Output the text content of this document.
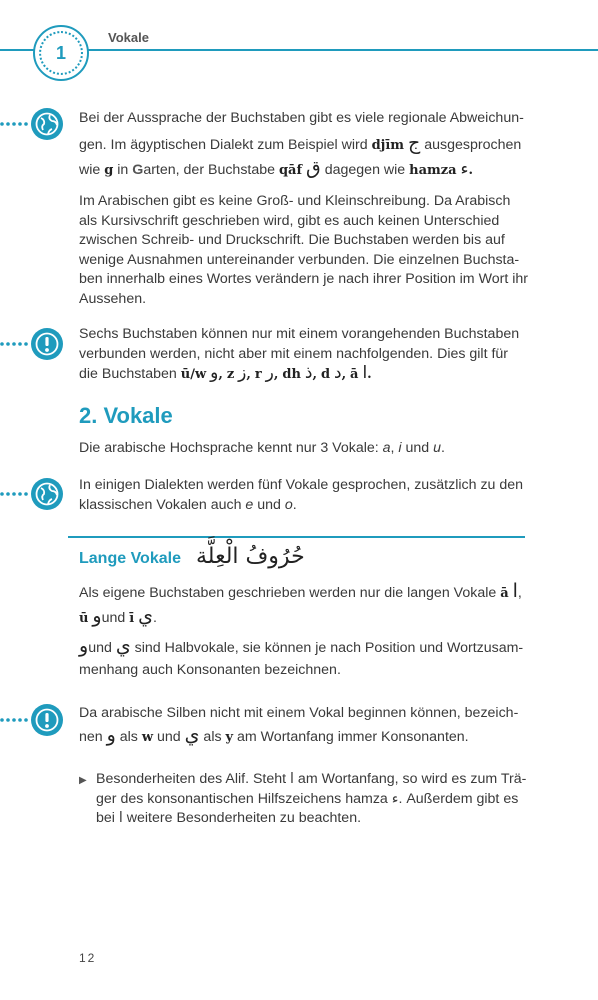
1
Vokale
Bei der Aussprache der Buchstaben gibt es viele regionale Abweichun-
gen. Im ägyptischen Dialekt zum Beispiel wird djīm ج ausgesprochen
wie g in Garten, der Buchstabe qāf ق dagegen wie hamza ء.
Im Arabischen gibt es keine Groß- und Kleinschreibung. Da Arabisch als Kursivschrift geschrieben wird, gibt es auch keinen Unterschied zwischen Schreib- und Druckschrift. Die Buchstaben werden bis auf wenige Ausnahmen untereinander verbunden. Die einzelnen Buchsta-ben innerhalb eines Wortes verändern je nach ihrer Position im Wort ihr Aussehen.
Sechs Buchstaben können nur mit einem vorangehenden Buchstaben
verbunden werden, nicht aber mit einem nachfolgenden. Dies gilt für
die Buchstaben ū/w و, z ز, r ر, dh ذ, d د, ā ا.
2. Vokale
Die arabische Hochsprache kennt nur 3 Vokale: a, i und u.
In einigen Dialekten werden fünf Vokale gesprochen, zusätzlich zu den
klassischen Vokalen auch e und o.
Lange Vokale حُرُوفُ الْعِلَّة
Als eigene Buchstaben geschrieben werden nur die langen Vokale ā ا,
ū وund ī ي.
وund ي sind Halbvokale, sie können je nach Position und Wortzusam-
menhang auch Konsonanten bezeichnen.
Da arabische Silben nicht mit einem Vokal beginnen können, bezeich-
nen و als w und ي als y am Wortanfang immer Konsonanten.
▶ Besonderheiten des Alif. Steht ا am Wortanfang, so wird es zum Trä-
ger des konsonantischen Hilfszeichens hamza ء. Außerdem gibt es
bei ا weitere Besonderheiten zu beachten.
12
